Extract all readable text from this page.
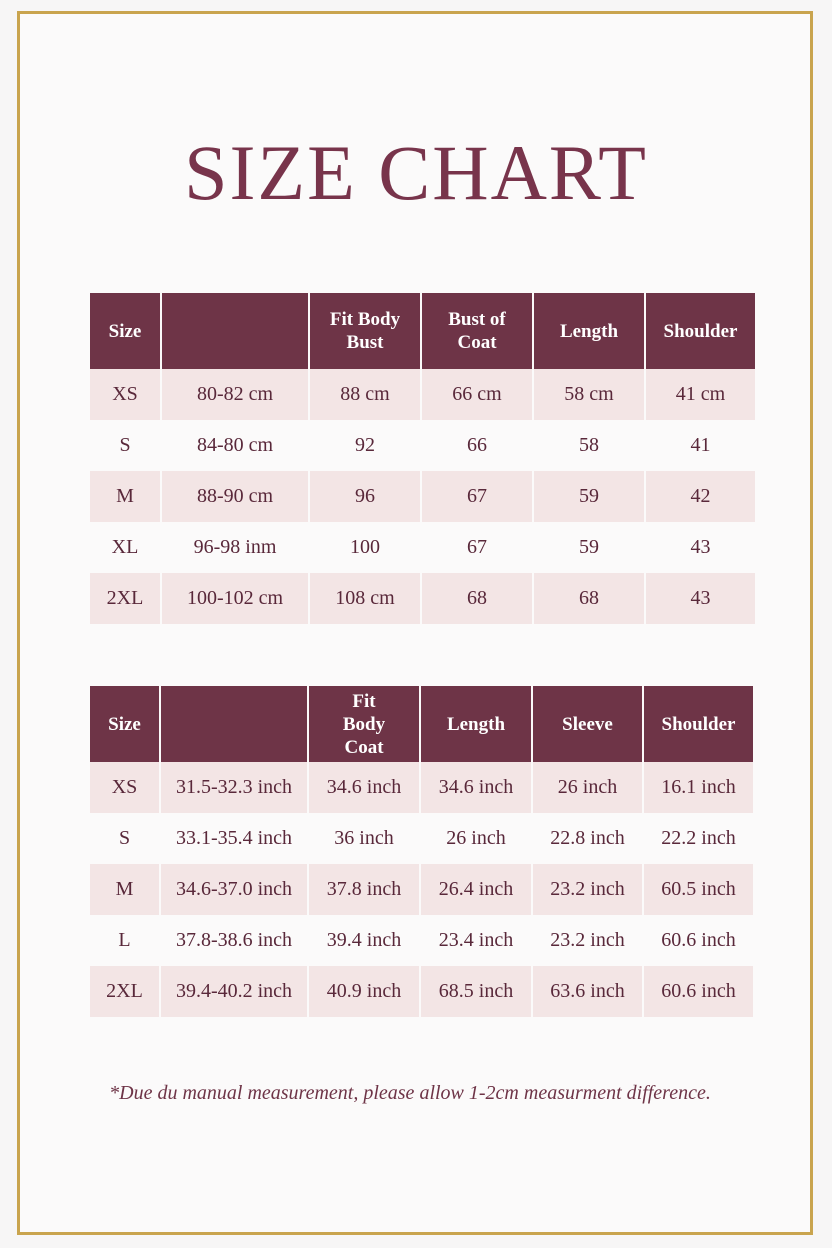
SIZE CHART
Size		Fit Body Bust	Bust of Coat	Length	Shoulder
XS	80-82 cm	88 cm	66 cm	58 cm	41 cm
S	84-80 cm	92	66	58	41
M	88-90 cm	96	67	59	42
XL	96-98 inm	100	67	59	43
2XL	100-102 cm	108 cm	68	68	43
Size		Fit Body Coat	Length	Sleeve	Shoulder
XS	31.5-32.3 inch	34.6 inch	34.6 inch	26 inch	16.1 inch
S	33.1-35.4 inch	36 inch	26 inch	22.8 inch	22.2 inch
M	34.6-37.0 inch	37.8 inch	26.4 inch	23.2 inch	60.5 inch
L	37.8-38.6 inch	39.4 inch	23.4 inch	23.2 inch	60.6 inch
2XL	39.4-40.2 inch	40.9 inch	68.5 inch	63.6 inch	60.6 inch
*Due du manual measurement, please allow 1-2cm measurment difference.
